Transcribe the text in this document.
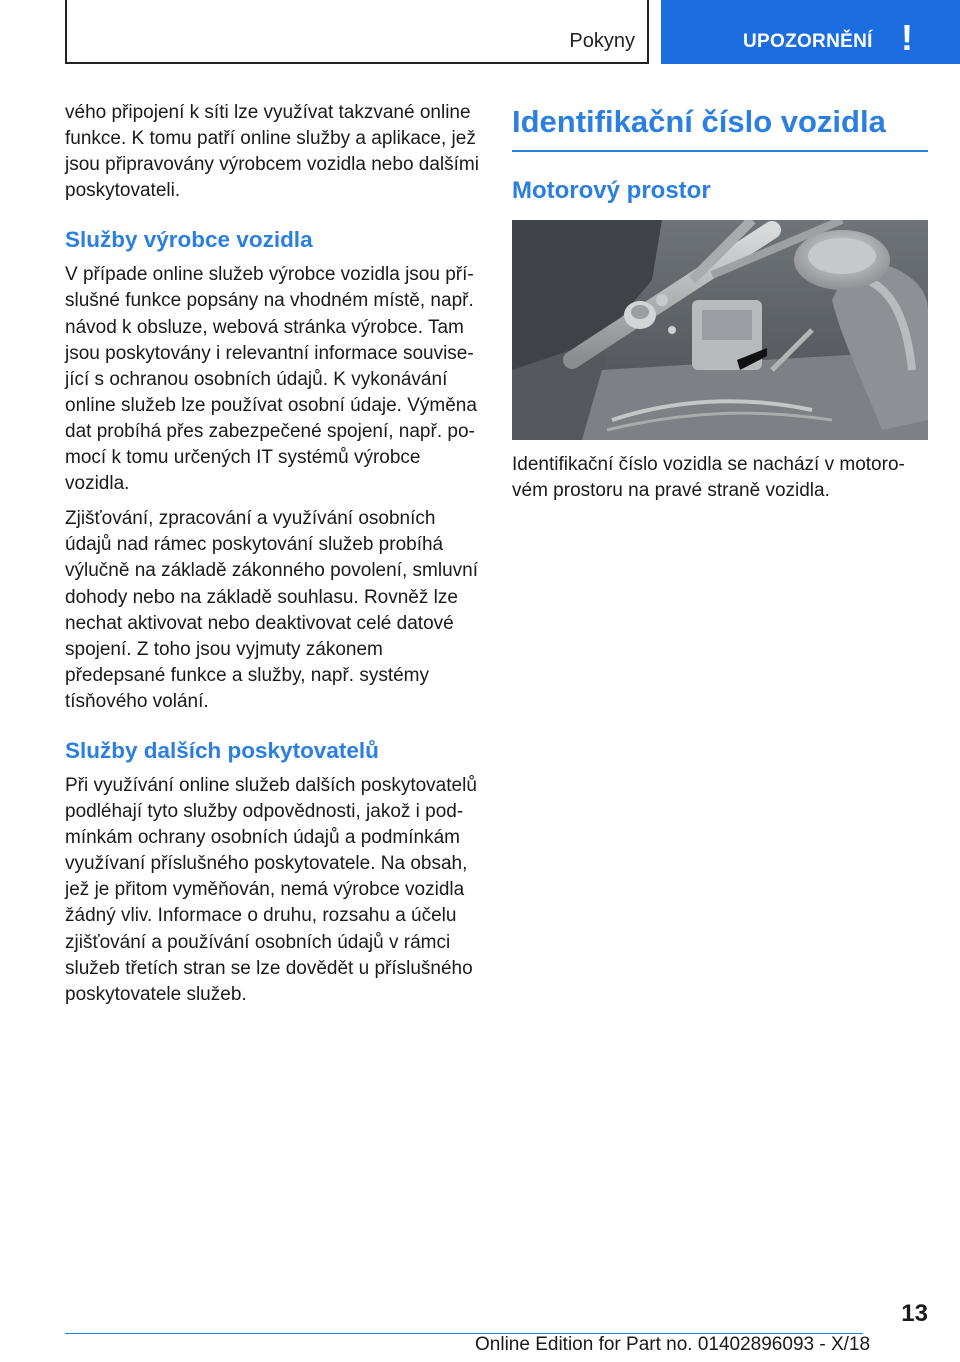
Pokyny	UPOZORNĚNÍ !

vého připojení k síti lze využívat takzvané online funkce. K tomu patří online služby a aplikace, jež jsou připravovány výrobcem vozidla nebo dalšími poskytovateli.

Služby výrobce vozidla

V případe online služeb výrobce vozidla jsou příslušné funkce popsány na vhodném místě, např. návod k obsluze, webová stránka výrobce. Tam jsou poskytovány i relevantní informace související s ochranou osobních údajů. K vykonávání online služeb lze používat osobní údaje. Výměna dat probíhá přes zabezpečené spojení, např. pomocí k tomu určených IT systémů výrobce vozidla.

Zjišťování, zpracování a využívání osobních údajů nad rámec poskytování služeb probíhá výlučně na základě zákonného povolení, smluvní dohody nebo na základě souhlasu. Rovněž lze nechat aktivovat nebo deaktivovat celé datové spojení. Z toho jsou vyjmuty zákonem předepsané funkce a služby, např. systémy tísňového volání.

Služby dalších poskytovatelů

Při využívání online služeb dalších poskytovatelů podléhají tyto služby odpovědnosti, jakož i podmínkám ochrany osobních údajů a podmínkám využívaní příslušného poskytovatele. Na obsah, jež je přitom vyměňován, nemá výrobce vozidla žádný vliv. Informace o druhu, rozsahu a účelu zjišťování a používání osobních údajů v rámci služeb třetích stran se lze dovědět u příslušného poskytovatele služeb.

Identifikační číslo vozidla
Motorový prostor

Identifikační číslo vozidla se nachází v motorovém prostoru na pravé straně vozidla.

13
Online Edition for Part no. 01402896093 - X/18
